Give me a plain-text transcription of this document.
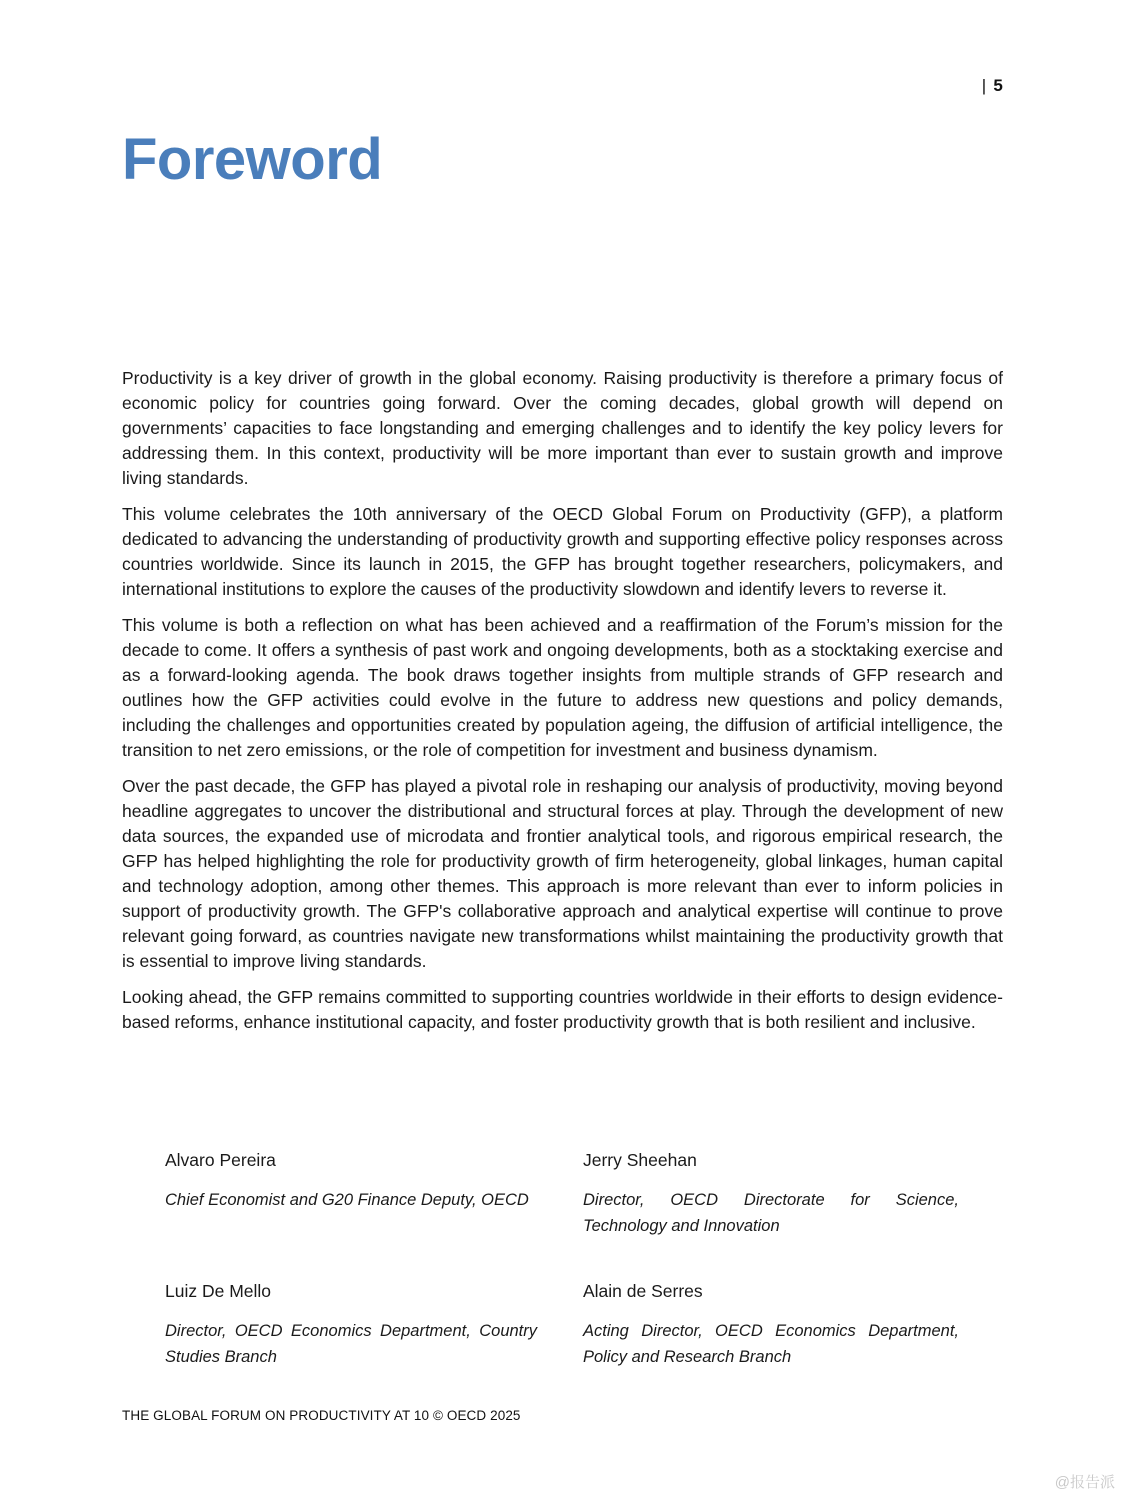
| 5
Foreword

Productivity is a key driver of growth in the global economy. Raising productivity is therefore a primary focus of economic policy for countries going forward. Over the coming decades, global growth will depend on governments’ capacities to face longstanding and emerging challenges and to identify the key policy levers for addressing them. In this context, productivity will be more important than ever to sustain growth and improve living standards.

This volume celebrates the 10th anniversary of the OECD Global Forum on Productivity (GFP), a platform dedicated to advancing the understanding of productivity growth and supporting effective policy responses across countries worldwide. Since its launch in 2015, the GFP has brought together researchers, policymakers, and international institutions to explore the causes of the productivity slowdown and identify levers to reverse it.

This volume is both a reflection on what has been achieved and a reaffirmation of the Forum’s mission for the decade to come. It offers a synthesis of past work and ongoing developments, both as a stocktaking exercise and as a forward-looking agenda. The book draws together insights from multiple strands of GFP research and outlines how the GFP activities could evolve in the future to address new questions and policy demands, including the challenges and opportunities created by population ageing, the diffusion of artificial intelligence, the transition to net zero emissions, or the role of competition for investment and business dynamism.

Over the past decade, the GFP has played a pivotal role in reshaping our analysis of productivity, moving beyond headline aggregates to uncover the distributional and structural forces at play. Through the development of new data sources, the expanded use of microdata and frontier analytical tools, and rigorous empirical research, the GFP has helped highlighting the role for productivity growth of firm heterogeneity, global linkages, human capital and technology adoption, among other themes. This approach is more relevant than ever to inform policies in support of productivity growth. The GFP's collaborative approach and analytical expertise will continue to prove relevant going forward, as countries navigate new transformations whilst maintaining the productivity growth that is essential to improve living standards.

Looking ahead, the GFP remains committed to supporting countries worldwide in their efforts to design evidence-based reforms, enhance institutional capacity, and foster productivity growth that is both resilient and inclusive.

Alvaro Pereira
Chief Economist and G20 Finance Deputy, OECD
Jerry Sheehan
Director, OECD Directorate for Science, Technology and Innovation
Luiz De Mello
Director, OECD Economics Department, Country Studies Branch
Alain de Serres
Acting Director, OECD Economics Department, Policy and Research Branch
THE GLOBAL FORUM ON PRODUCTIVITY AT 10 © OECD 2025
@报告派
